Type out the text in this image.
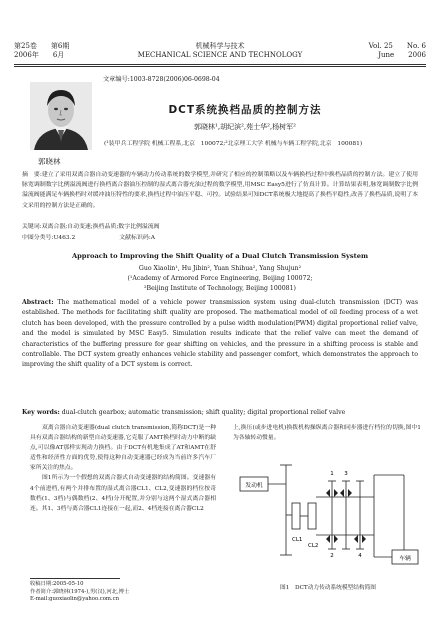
第25卷 第6期
2006年 6月
机械科学与技术
MECHANICAL SCIENCE AND TECHNOLOGY
Vol. 25 No. 6
June 2006
郭晓林
文章编号:1003-8728(2006)06-0698-04
DCT系统换档品质的控制方法
郭晓林¹,胡纪滨²,苑士华²,杨树军²
(¹装甲兵工程学院 机械工程系,北京　100072;²北京理工大学 机械与车辆工程学院,北京　100081)
摘　要:建立了采用双离合器自动变速器的车辆动力传动系统的数学模型,并研究了相应的控制策略以及车辆换档过程中换档品质的控制方法。建立了使用脉宽调制数字比例溢流阀进行换档离合器油压控制的湿式离合器充油过程的数学模型,用MSC Easy5进行了仿真计算。计算结果表明,脉宽调制数字比例溢流阀能满足车辆换档时对缓冲油压特性的要求,换档过程中油压平稳、可控。试验结果可知DCT系统极大地提高了换档平稳性,改善了换档品质,说明了本文采用的控制方法是正确的。
关键词:双离合器;自动变速;换档品质;数字比例溢流阀
中图分类号:U463.2	文献标识码:A
Approach to Improving the Shift Quality of a Dual Clutch Transmission System
Guo Xiaolin¹, Hu Jibin², Yuan Shihua², Yang Shujun²
(¹Academy of Armored Force Engineering, Beijing 100072;
²Beijing Institute of Technology, Beijing 100081)
Abstract: The mathematical model of a vehicle power transmission system using dual-clutch transmission (DCT) was established. The methods for facilitating shift quality are proposed. The mathematical model of oil feeding process of a wet clutch has been developed, with the pressure controlled by a pulse width modulation(PWM) digital proportional relief valve, and the model is simulated by MSC Easy5. Simulation results indicate that the relief valve can meet the demand of characteristics of the buffering pressure for gear shifting on vehicles, and the pressure in a shifting process is stable and controllable. The DCT system greatly enhances vehicle stability and passenger comfort, which demonstrates the approach to improving the shift quality of a DCT system is correct.
Key words: dual-clutch gearbox; automatic transmission; shift quality; digital proportional relief valve

双离合器自动变速器(dual clutch transmission,简称DCT)是一种具有双离合器结构的新型自动变速器,它克服了AMT换档时动力中断的缺点,可以像AT那样实现动力换档。由于DCT有机地集成了AT和AMT在舒适性和经济性方面的优势,使得这种自动变速器已经成为当前许多汽车厂家所关注的焦点。

图1所示为一个假想的双离合器式自动变速器的结构简图。变速器有4个前进档,有两个并排布置的湿式离合器CL1、CL2,变速器的档位按奇数档(1、3档)与偶数档(2、4档)分开配置,并分别与这两个湿式离合器相连。其1、3档与离合器CL1连接在一起,而2、4档连接在离合器CL2

上,换压(或步进电机)换拨机构操纵离合器和同步器进行档位的切换,图中1为各轴转动惯量。

发动机
CL1
CL2
车辆
1 3
2	4
图1　DCT动力传动系统模型结构简图
收稿日期:2005-05-10
作者简介:郭晓林(1974-),男(汉),河北,博士
E-mail:guoxiaolin@yahoo.com.cn
